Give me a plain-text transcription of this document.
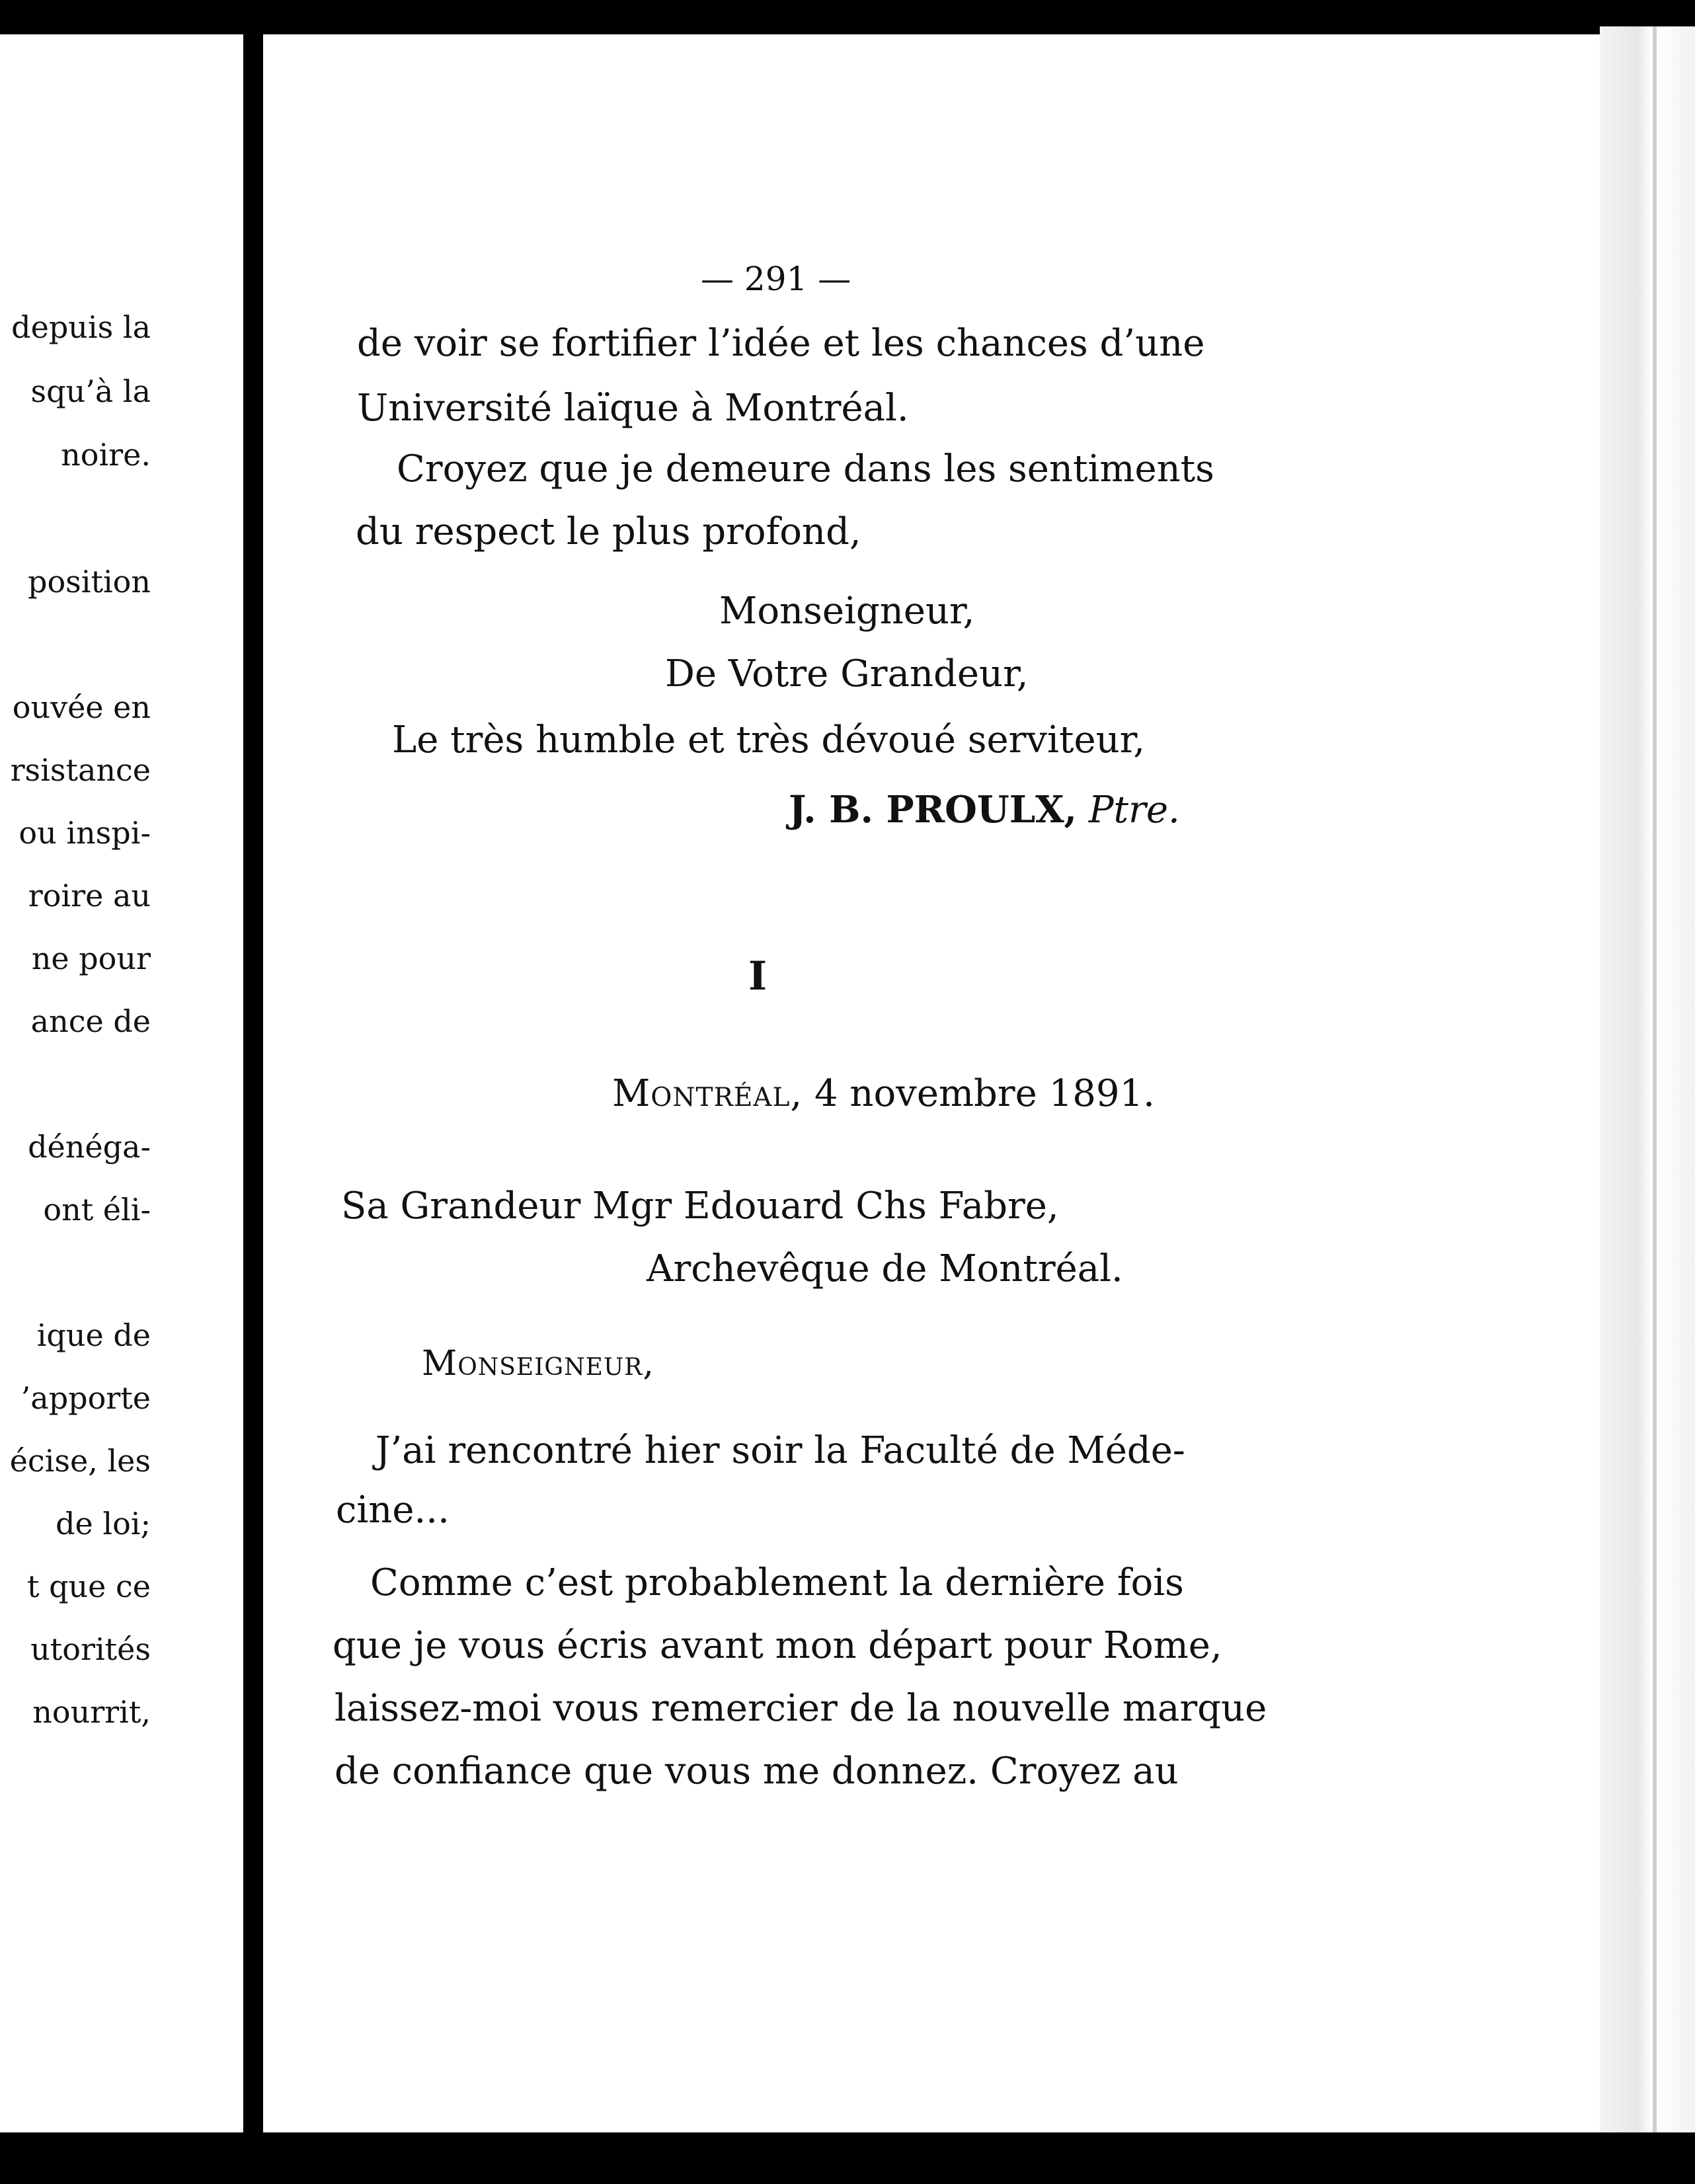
depuis la
squ’à la
noire.
position
ouvée en
rsistance
ou inspi-
roire au
ne pour
ance de
dénéga-
ont éli-
ique de
’apporte
écise, les
de loi;
t que ce
utorités
nourrit,
— 291 —
de voir se fortifier l’idée et les chances d’une
Université laïque à Montréal.
Croyez que je demeure dans les sentiments
du respect le plus profond,
Monseigneur,
De Votre Grandeur,
Le très humble et très dévoué serviteur,
J. B. PROULX, Ptre.
I
Montréal, 4 novembre 1891.
Sa Grandeur Mgr Edouard Chs Fabre,
Archevêque de Montréal.
Monseigneur,
J’ai rencontré hier soir la Faculté de Méde-
cine...
Comme c’est probablement la dernière fois
que je vous écris avant mon départ pour Rome,
laissez-moi vous remercier de la nouvelle marque
de confiance que vous me donnez. Croyez au
